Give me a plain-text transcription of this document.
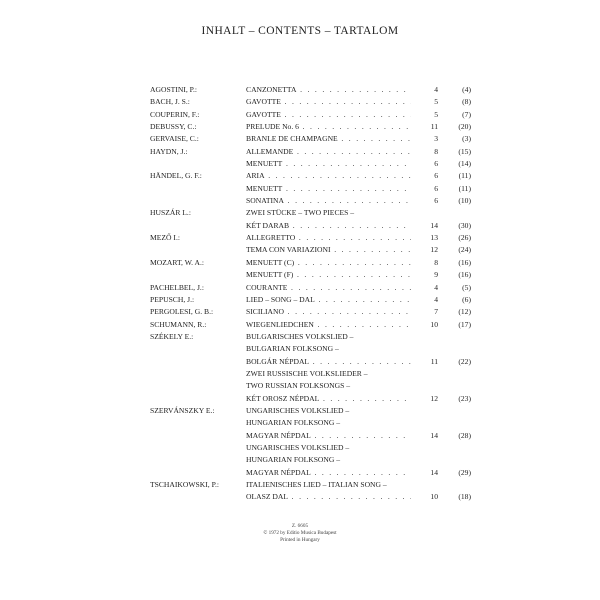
INHALT – CONTENTS – TARTALOM
AGOSTINI, P.:	CANZONETTA . . .	4	(4)
BACH, J. S.:	GAVOTTE . . .	5	(8)
COUPERIN, F.:	GAVOTTE . . .	5	(7)
DEBUSSY, C.:	PRELUDE No. 6 . . .	11	(20)
GERVAISE, C.:	BRANLE DE CHAMPAGNE . . .	3	(3)
HAYDN, J.:	ALLEMANDE . . .	8	(15)
MENUETT . . .	6	(14)
HÄNDEL, G. F.:	ARIA . . .	6	(11)
MENUETT . . .	6	(11)
SONATINA . . .	6	(10)
HUSZÁR L.:	ZWEI STÜCKE – TWO PIECES –
KÉT DARAB . . .	14	(30)
MEZŐ I.:	ALLEGRETTO . . .	13	(26)
TEMA CON VARIAZIONI . . .	12	(24)
MOZART, W. A.:	MENUETT (C) . . .	8	(16)
MENUETT (F) . . .	9	(16)
PACHELBEL, J.:	COURANTE . . .	4	(5)
PEPUSCH, J.:	LIED – SONG – DAL . . .	4	(6)
PERGOLESI, G. B.:	SICILIANO . . .	7	(12)
SCHUMANN, R.:	WIEGENLIEDCHEN . . .	10	(17)
SZÉKELY E.:	BULGARISCHES VOLKSLIED –
BULGARIAN FOLKSONG –
BOLGÁR NÉPDAL . . .	11	(22)
ZWEI RUSSISCHE VOLKSLIEDER –
TWO RUSSIAN FOLKSONGS –
KÉT OROSZ NÉPDAL . . .	12	(23)
SZERVÁNSZKY E.:	UNGARISCHES VOLKSLIED –
HUNGARIAN FOLKSONG –
MAGYAR NÉPDAL . . .	14	(28)
UNGARISCHES VOLKSLIED –
HUNGARIAN FOLKSONG –
MAGYAR NÉPDAL . . .	14	(29)
TSCHAIKOWSKI, P.:	ITALIENISCHES LIED – ITALIAN SONG –
OLASZ DAL . . .	10	(18)
Z. 6605
© 1972 by Editio Musica Budapest
Printed in Hungary
